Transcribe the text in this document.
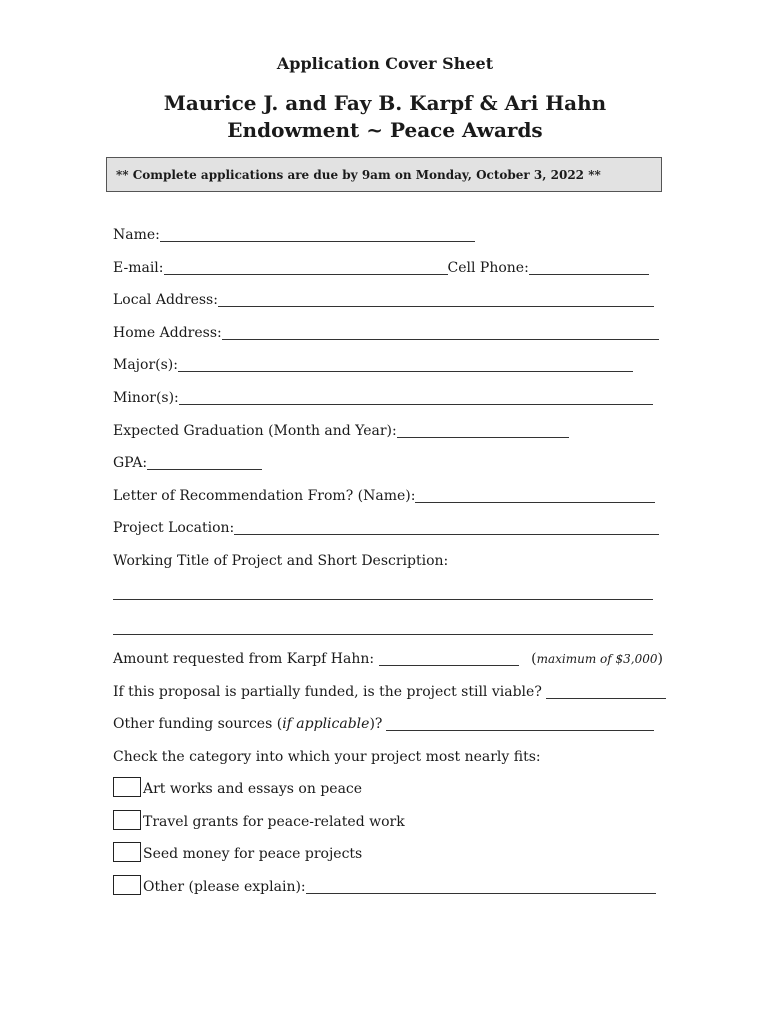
Application Cover Sheet
Maurice J. and Fay B. Karpf & Ari Hahn
Endowment ~ Peace Awards
** Complete applications are due by 9am on Monday, October 3, 2022 **
Name:
E-mail:	Cell Phone:
Local Address:
Home Address:
Major(s):
Minor(s):
Expected Graduation (Month and Year):
GPA:
Letter of Recommendation From? (Name):
Project Location:
Working Title of Project and Short Description:
Amount requested from Karpf Hahn:	( maximum of $3,000 )
If this proposal is partially funded, is the project still viable?
Other funding sources ( if applicable )?
Check the category into which your project most nearly fits:
Art works and essays on peace
Travel grants for peace-related work
Seed money for peace projects
Other (please explain):
